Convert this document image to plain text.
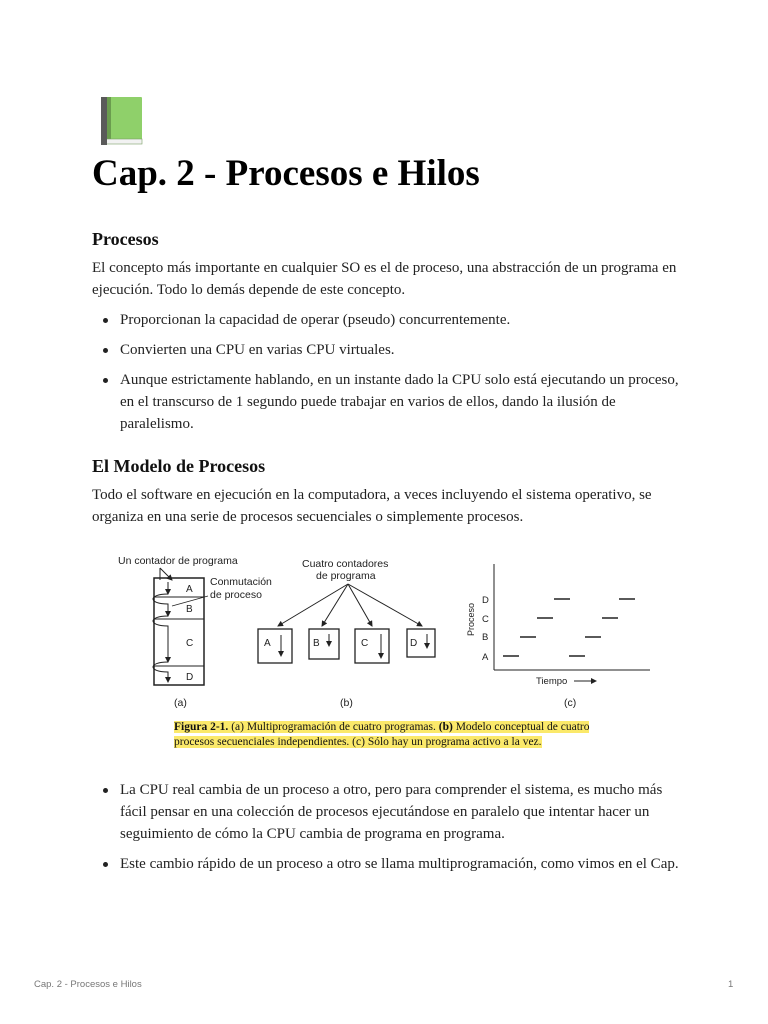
Cap. 2 - Procesos e Hilos
Procesos

El concepto más importante en cualquier SO es el de proceso, una abstracción de un programa en ejecución. Todo lo demás depende de este concepto.

Proporcionan la capacidad de operar (pseudo) concurrentemente.
Convierten una CPU en varias CPU virtuales.
Aunque estrictamente hablando, en un instante dado la CPU solo está ejecutando un proceso, en el transcurso de 1 segundo puede trabajar en varios de ellos, dando la ilusión de paralelismo.
El Modelo de Procesos

Todo el software en ejecución en la computadora, a veces incluyendo el sistema operativo, se organiza en una serie de procesos secuenciales o simplemente procesos.

Un contador de programa
A
B
C
D
Conmutación
de proceso
(a)
Cuatro contadores
de programa
A	B	C	D
(b)
Proceso
D
C
B
A
Tiempo
(c)
Figura 2-1. (a) Multiprogramación de cuatro programas. (b) Modelo conceptual de cuatro procesos secuenciales independientes. (c) Sólo hay un programa activo a la vez.
La CPU real cambia de un proceso a otro, pero para comprender el sistema, es mucho más fácil pensar en una colección de procesos ejecutándose en paralelo que intentar hacer un seguimiento de cómo la CPU cambia de programa en programa.
Este cambio rápido de un proceso a otro se llama multiprogramación, como vimos en el Cap.
Cap. 2 - Procesos e Hilos	1
